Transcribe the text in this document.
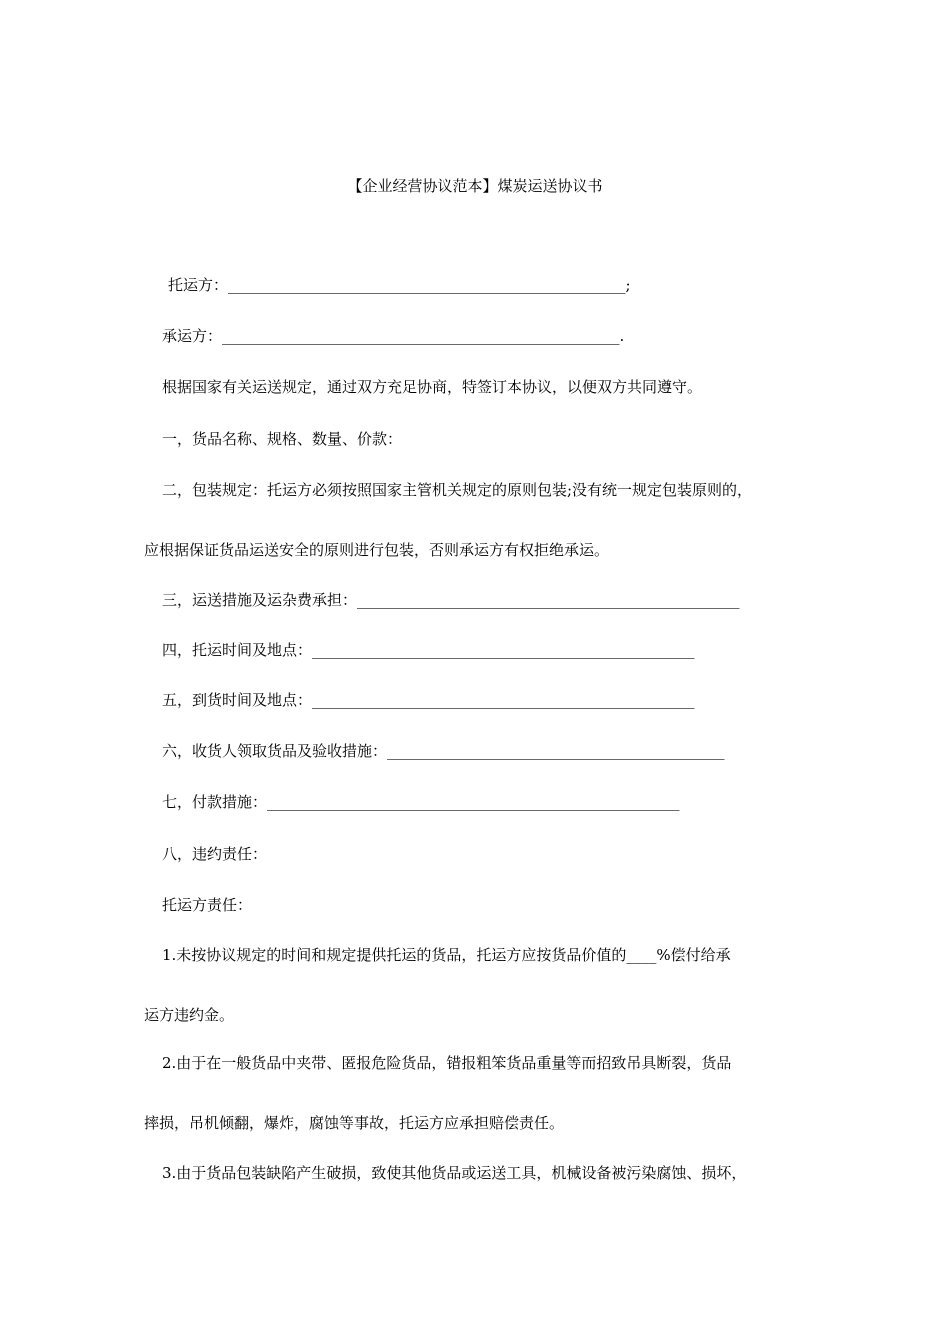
【企业经营协议范本】煤炭运送协议书
托运方：_____________________________________________________;
承运方：_____________________________________________________.
根据国家有关运送规定，通过双方充足协商，特签订本协议，以便双方共同遵守。
一，货品名称、规格、数量、价款：
二，包装规定：托运方必须按照国家主管机关规定的原则包装;没有统一规定包装原则的，
应根据保证货品运送安全的原则进行包装，否则承运方有权拒绝承运。
三，运送措施及运杂费承担：___________________________________________________
四，托运时间及地点：___________________________________________________
五，到货时间及地点：___________________________________________________
六，收货人领取货品及验收措施：_____________________________________________
七，付款措施：_______________________________________________________
八，违约责任：
托运方责任：
1.未按协议规定的时间和规定提供托运的货品，托运方应按货品价值的____%偿付给承
运方违约金。
2.由于在一般货品中夹带、匿报危险货品，错报粗笨货品重量等而招致吊具断裂，货品
摔损，吊机倾翻，爆炸，腐蚀等事故，托运方应承担赔偿责任。
3.由于货品包装缺陷产生破损，致使其他货品或运送工具，机械设备被污染腐蚀、损坏，
